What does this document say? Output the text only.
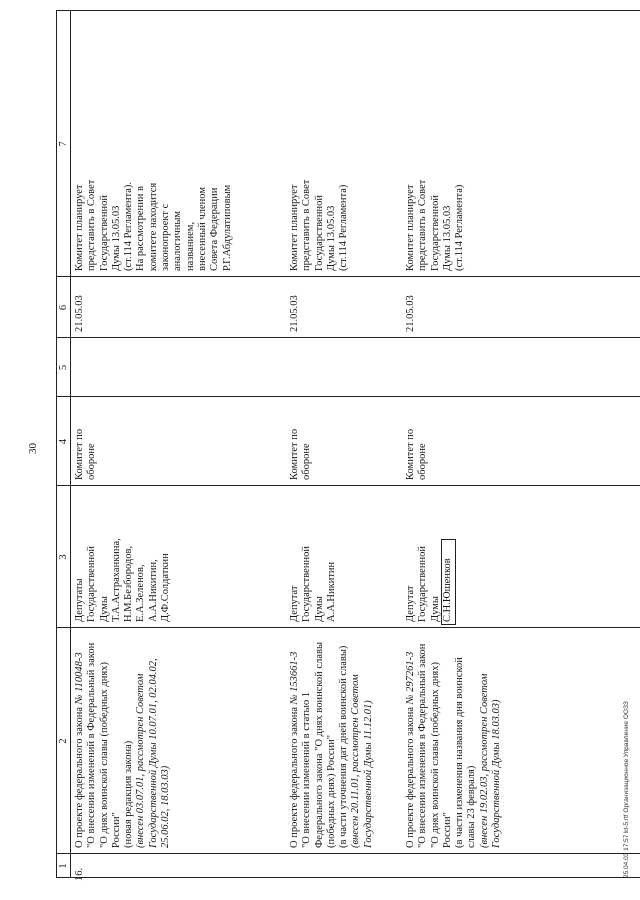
30
1
2
3
4
5
6
7
16.
О проекте федерального закона № 110048-3 "О внесении изменений в Федеральный закон "О днях воинской славы (победных днях) России" (новая редакция закона) (внесен 03.07.01, рассмотрен Советом Государственной Думы 10.07.01, 02.04.02, 25.06.02, 18.03.03)
Депутаты Государственной Думы Т.А.Астраханкина, Н.М.Безбородов, Е.А.Зеленов, А.А.Никитин, Д.Ф.Солдаткин
Комитет по обороне
21.05.03
Комитет планирует представить в Совет Государственной Думы 13.05.03 (ст.114 Регламента). На рассмотрении в комитете находится законопроект с аналогичным названием, внесенный членом Совета Федерации Р.Г.Абдулатиповым
О проекте федерального закона № 153661-3
"О внесении изменений в статью 1 Федерального закона "О днях воинской славы (победных днях) России" (в части уточнения дат дней воинской славы) (внесен 20.11.01, рассмотрен Советом Государственной Думы 11.12.01)
Депутат Государственной Думы А.А.Никитин
Комитет по обороне
21.05.03
Комитет планирует представить в Совет Государственной Думы 13.05.03 (ст.114 Регламента)
О проекте федерального закона № 297261-3 "О внесении изменения в Федеральный закон "О днях воинской славы (победных днях) России" (в части изменения названия дня воинской славы 23 февраля) (внесен 19.02.03, рассмотрен Советом Государственной Думы 18.03.03)
Депутат Государственной Думы С.Н.Юшенков
Комитет по обороне
21.05.03
Комитет планирует представить в Совет Государственной Думы 13.05.03 (ст.114 Регламента)
25.04.03 17:57 kt-5.rtf Организационное Управление ООЗЗ
